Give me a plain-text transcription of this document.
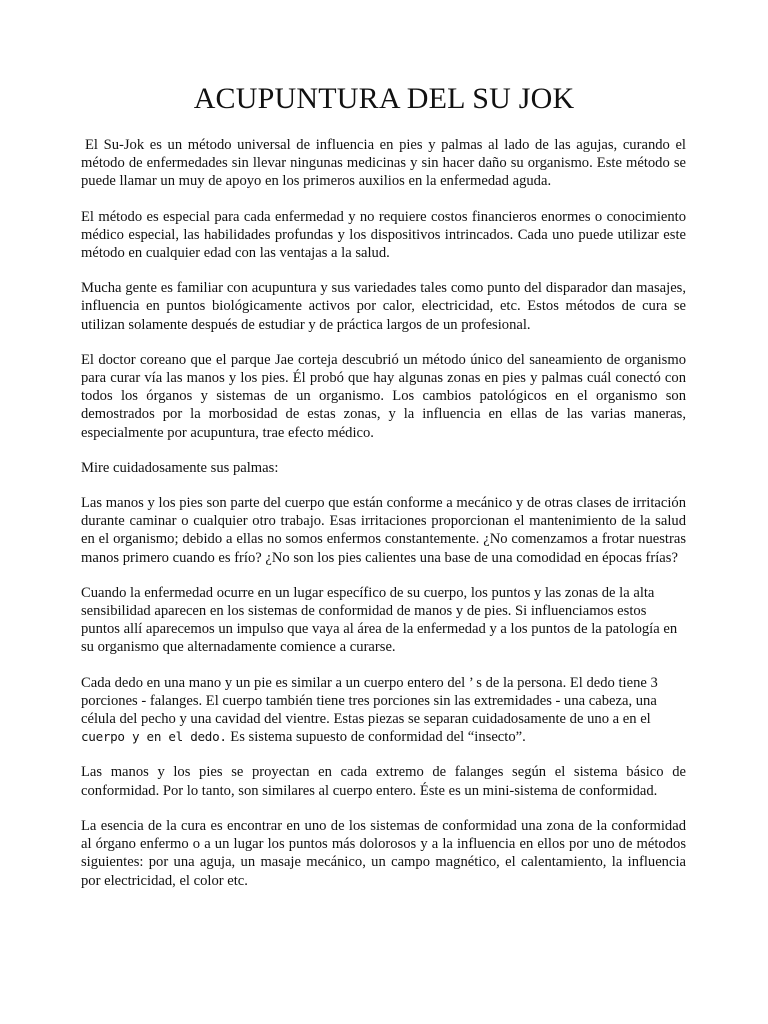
ACUPUNTURA DEL SU JOK

El Su-Jok es un método universal de influencia en pies y palmas al lado de las agujas, curando el método de enfermedades sin llevar ningunas medicinas y sin hacer daño su organismo. Este método se puede llamar un muy de apoyo en los primeros auxilios en la enfermedad aguda.

El método es especial para cada enfermedad y no requiere costos financieros enormes o conocimiento médico especial, las habilidades profundas y los dispositivos intrincados. Cada uno puede utilizar este método en cualquier edad con las ventajas a la salud.

Mucha gente es familiar con acupuntura y sus variedades tales como punto del disparador dan masajes, influencia en puntos biológicamente activos por calor, electricidad, etc. Estos métodos de cura se utilizan solamente después de estudiar y de práctica largos de un profesional.

El doctor coreano que el parque Jae corteja descubrió un método único del saneamiento de organismo para curar vía las manos y los pies. Él probó que hay algunas zonas en pies y palmas cuál conectó con todos los órganos y sistemas de un organismo. Los cambios patológicos en el organismo son demostrados por la morbosidad de estas zonas, y la influencia en ellas de las varias maneras, especialmente por acupuntura, trae efecto médico.

Mire cuidadosamente sus palmas:

Las manos y los pies son parte del cuerpo que están conforme a mecánico y de otras clases de irritación durante caminar o cualquier otro trabajo. Esas irritaciones proporcionan el mantenimiento de la salud en el organismo; debido a ellas no somos enfermos constantemente. ¿No comenzamos a frotar nuestras manos primero cuando es frío? ¿No son los pies calientes una base de una comodidad en épocas frías?

Cuando la enfermedad ocurre en un lugar específico de su cuerpo, los puntos y las zonas de la alta sensibilidad aparecen en los sistemas de conformidad de manos y de pies. Si influenciamos estos puntos allí aparecemos un impulso que vaya al área de la enfermedad y a los puntos de la patología en su organismo que alternadamente comience a curarse.

Cada dedo en una mano y un pie es similar a un cuerpo entero del ’ s de la persona. El dedo tiene 3 porciones - falanges. El cuerpo también tiene tres porciones sin las extremidades - una cabeza, una célula del pecho y una cavidad del vientre. Estas piezas se separan cuidadosamente de uno a en el cuerpo y en el dedo. Es sistema supuesto de conformidad del “insecto”.

Las manos y los pies se proyectan en cada extremo de falanges según el sistema básico de conformidad. Por lo tanto, son similares al cuerpo entero. Éste es un mini-sistema de conformidad.

La esencia de la cura es encontrar en uno de los sistemas de conformidad una zona de la conformidad al órgano enfermo o a un lugar los puntos más dolorosos y a la influencia en ellos por uno de métodos siguientes: por una aguja, un masaje mecánico, un campo magnético, el calentamiento, la influencia por electricidad, el color etc.
